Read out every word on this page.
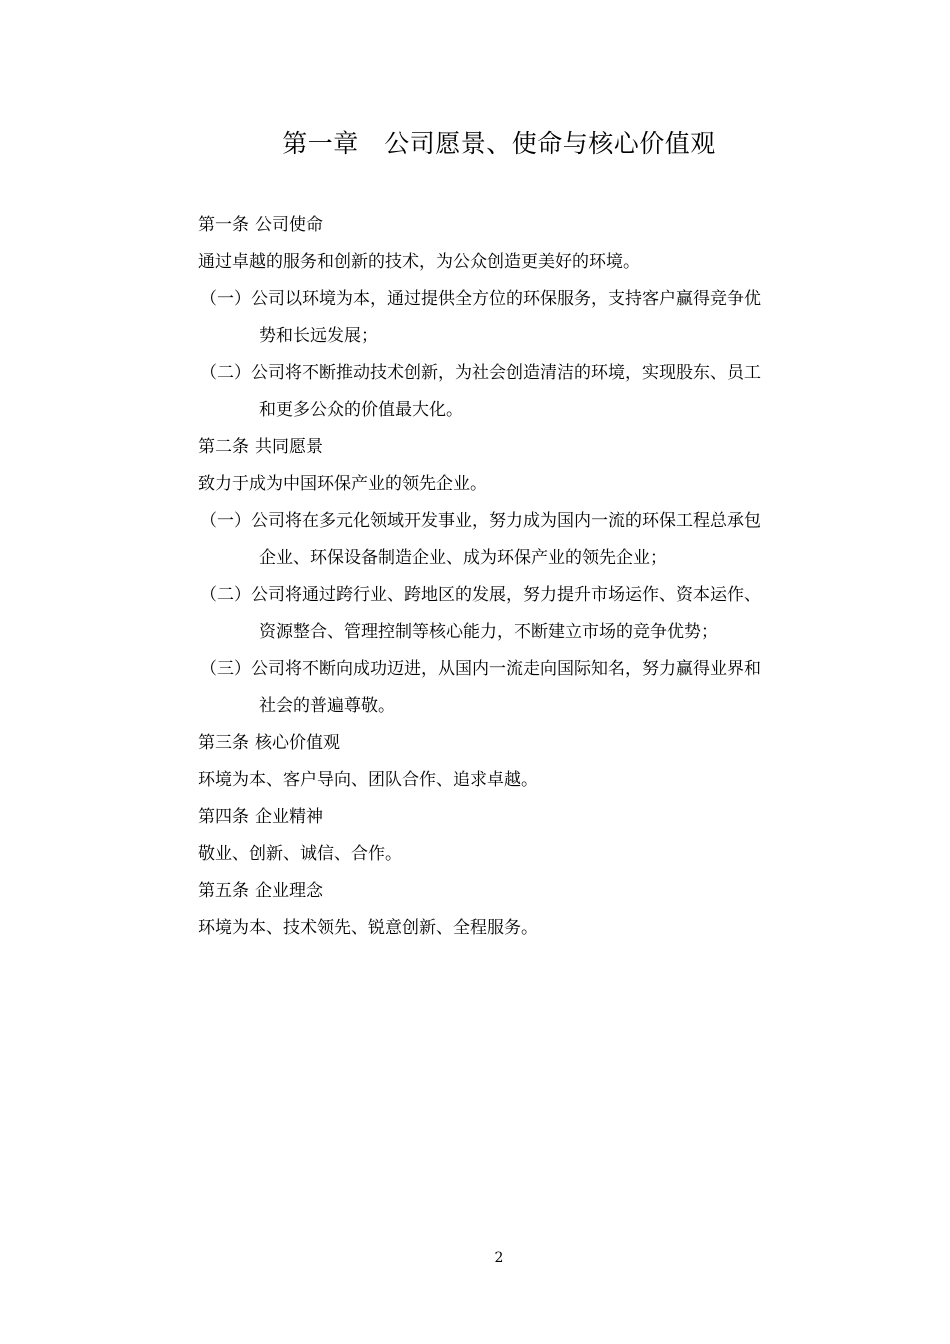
第一章　公司愿景、使命与核心价值观
第一条 公司使命
通过卓越的服务和创新的技术，为公众创造更美好的环境。
（一）公司以环境为本，通过提供全方位的环保服务，支持客户赢得竞争优
势和长远发展；
（二）公司将不断推动技术创新，为社会创造清洁的环境，实现股东、员工
和更多公众的价值最大化。
第二条 共同愿景
致力于成为中国环保产业的领先企业。
（一）公司将在多元化领域开发事业，努力成为国内一流的环保工程总承包
企业、环保设备制造企业、成为环保产业的领先企业；
（二）公司将通过跨行业、跨地区的发展，努力提升市场运作、资本运作、
资源整合、管理控制等核心能力，不断建立市场的竞争优势；
（三）公司将不断向成功迈进，从国内一流走向国际知名，努力赢得业界和
社会的普遍尊敬。
第三条 核心价值观
环境为本、客户导向、团队合作、追求卓越。
第四条 企业精神
敬业、创新、诚信、合作。
第五条 企业理念
环境为本、技术领先、锐意创新、全程服务。
2
